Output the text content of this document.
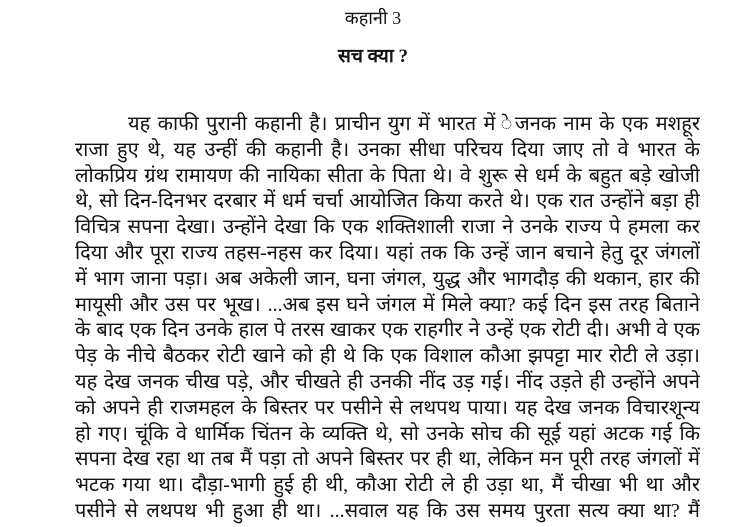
कहानी 3
सच क्या ?
यह काफी पुरानी कहानी है। प्राचीन युग में भारत में ेजनक नाम के एक मशहूर
राजा हुए थे, यह उन्हीं की कहानी है। उनका सीधा परिचय दिया जाए तो वे भारत के
लोकप्रिय ग्रंथ रामायण की नायिका सीता के पिता थे। वे शुरू से धर्म के बहुत बड़े खोजी
थे, सो दिन-दिनभर दरबार में धर्म चर्चा आयोजित किया करते थे। एक रात उन्होंने बड़ा ही
विचित्र सपना देखा। उन्होंने देखा कि एक शक्तिशाली राजा ने उनके राज्य पे हमला कर
दिया और पूरा राज्य तहस-नहस कर दिया। यहां तक कि उन्हें जान बचाने हेतु दूर जंगलों
में भाग जाना पड़ा। अब अकेली जान, घना जंगल, युद्ध और भागदौड़ की थकान, हार की
मायूसी और उस पर भूख। ...अब इस घने जंगल में मिले क्या? कई दिन इस तरह बिताने
के बाद एक दिन उनके हाल पे तरस खाकर एक राहगीर ने उन्हें एक रोटी दी। अभी वे एक
पेड़ के नीचे बैठकर रोटी खाने को ही थे कि एक विशाल कौआ झपट्टा मार रोटी ले उड़ा।
यह देख जनक चीख पड़े, और चीखते ही उनकी नींद उड़ गई। नींद उड़ते ही उन्होंने अपने
को अपने ही राजमहल के बिस्तर पर पसीने से लथपथ पाया। यह देख जनक विचारशून्य
हो गए। चूंकि वे धार्मिक चिंतन के व्यक्ति थे, सो उनके सोच की सूई यहां अटक गई कि
सपना देख रहा था तब मैं पड़ा तो अपने बिस्तर पर ही था, लेकिन मन पूरी तरह जंगलों में
भटक गया था। दौड़ा-भागी हुई ही थी, कौआ रोटी ले ही उड़ा था, मैं चीखा भी था और
पसीने से लथपथ भी हुआ ही था। ...सवाल यह कि उस समय पुरता सत्य क्या था? मैं
